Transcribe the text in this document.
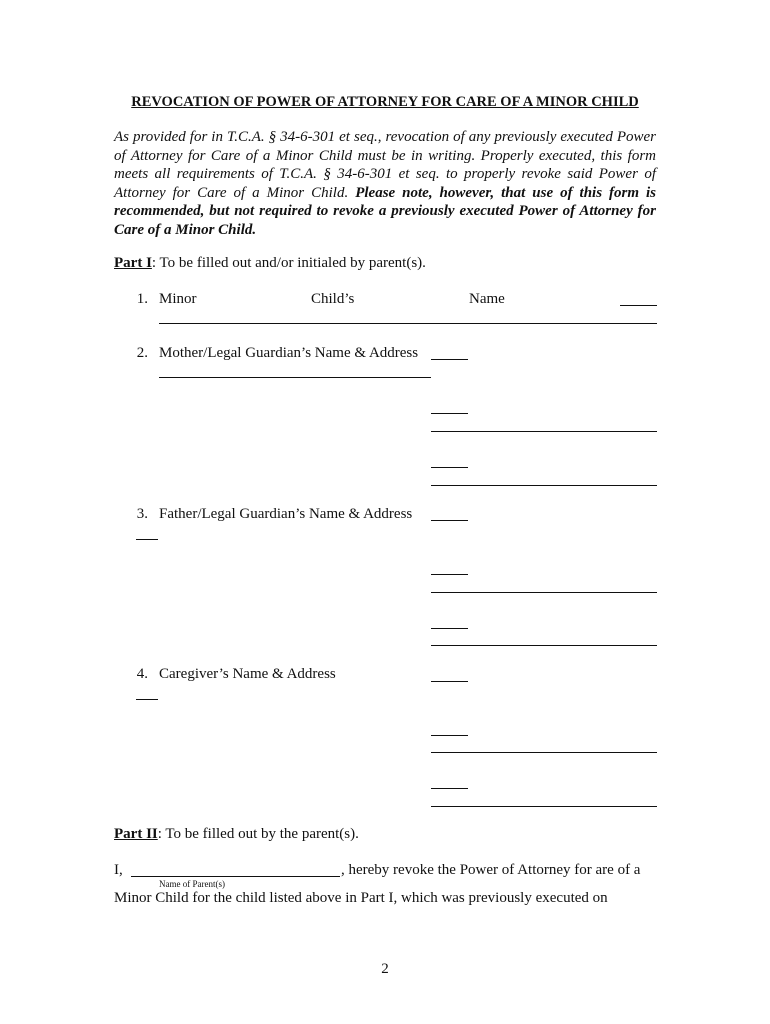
REVOCATION OF POWER OF ATTORNEY FOR CARE OF A MINOR CHILD
As provided for in T.C.A. § 34-6-301 et seq., revocation of any previously executed Power of Attorney for Care of a Minor Child must be in writing. Properly executed, this form meets all requirements of T.C.A. § 34-6-301 et seq. to properly revoke said Power of Attorney for Care of a Minor Child. Please note, however, that use of this form is recommended, but not required to revoke a previously executed Power of Attorney for Care of a Minor Child.
Part I: To be filled out and/or initialed by parent(s).
1. Minor	Child’s	Name
2. Mother/Legal Guardian’s Name & Address
3. Father/Legal Guardian’s Name & Address
4. Caregiver’s Name & Address
Part II: To be filled out by the parent(s).
I,	, hereby revoke the Power of Attorney for are of a
Name of Parent(s)
Minor Child for the child listed above in Part I, which was previously executed on
2
